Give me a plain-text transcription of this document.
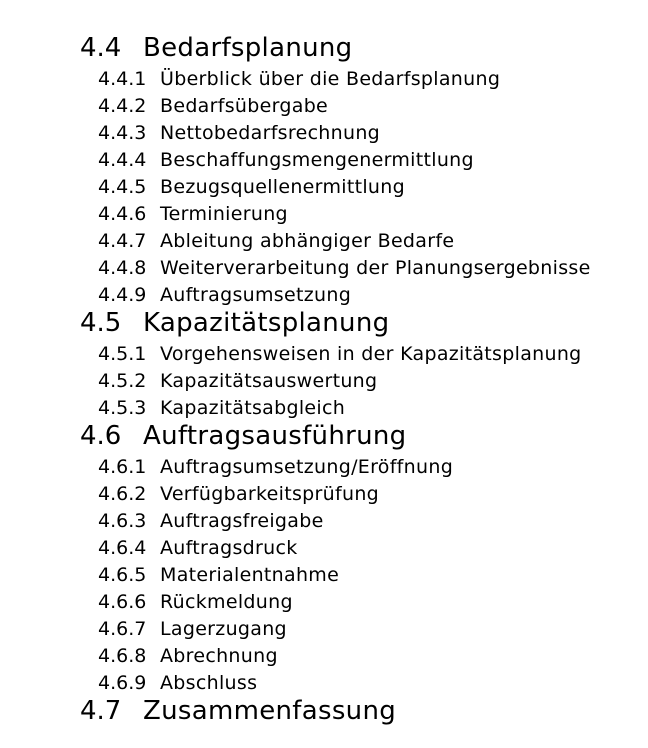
4.4 Bedarfsplanung
4.4.1 Überblick über die Bedarfsplanung
4.4.2 Bedarfsübergabe
4.4.3 Nettobedarfsrechnung
4.4.4 Beschaffungsmengenermittlung
4.4.5 Bezugsquellenermittlung
4.4.6 Terminierung
4.4.7 Ableitung abhängiger Bedarfe
4.4.8 Weiterverarbeitung der Planungsergebnisse
4.4.9 Auftragsumsetzung
4.5 Kapazitätsplanung
4.5.1 Vorgehensweisen in der Kapazitätsplanung
4.5.2 Kapazitätsauswertung
4.5.3 Kapazitätsabgleich
4.6 Auftragsausführung
4.6.1 Auftragsumsetzung/Eröffnung
4.6.2 Verfügbarkeitsprüfung
4.6.3 Auftragsfreigabe
4.6.4 Auftragsdruck
4.6.5 Materialentnahme
4.6.6 Rückmeldung
4.6.7 Lagerzugang
4.6.8 Abrechnung
4.6.9 Abschluss
4.7 Zusammenfassung
